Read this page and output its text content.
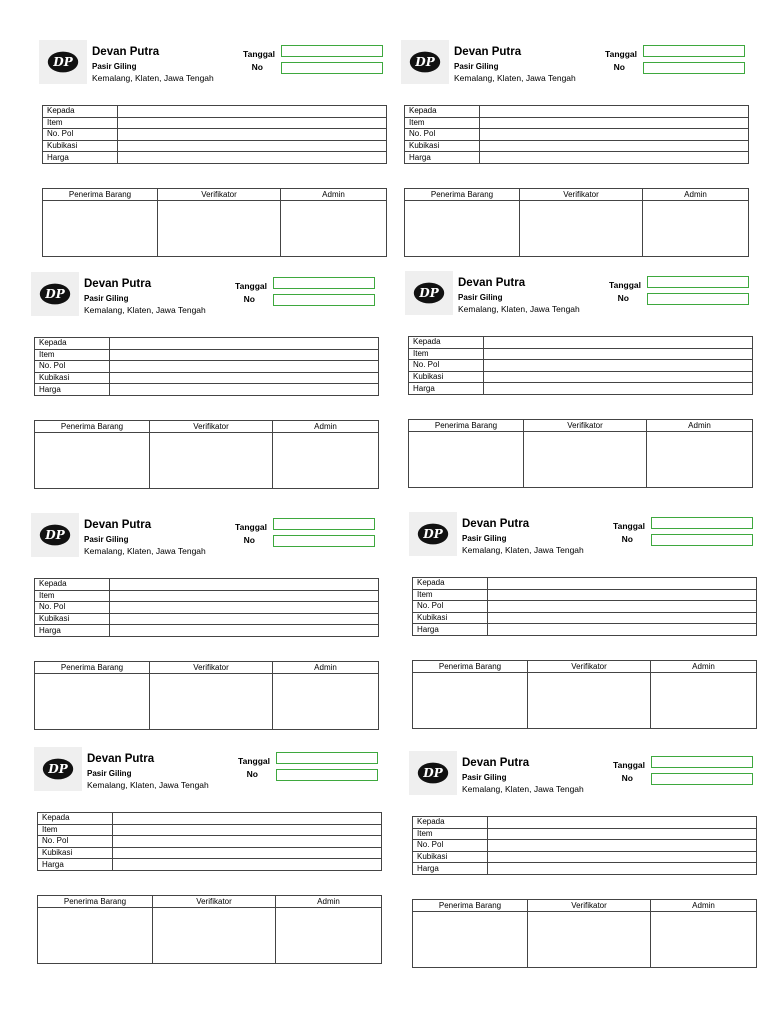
DP
Devan Putra
Pasir Giling
Kemalang, Klaten, Jawa Tengah
Tanggal
No
Kepada	
Item	
No. Pol	
Kubikasi	
Harga	
Penerima Barang	Verifikator	Admin

DP
Devan Putra
Pasir Giling
Kemalang, Klaten, Jawa Tengah
Tanggal
No
Kepada	
Item	
No. Pol	
Kubikasi	
Harga	
Penerima Barang	Verifikator	Admin

DP
Devan Putra
Pasir Giling
Kemalang, Klaten, Jawa Tengah
Tanggal
No
Kepada	
Item	
No. Pol	
Kubikasi	
Harga	
Penerima Barang	Verifikator	Admin

DP
Devan Putra
Pasir Giling
Kemalang, Klaten, Jawa Tengah
Tanggal
No
Kepada	
Item	
No. Pol	
Kubikasi	
Harga	
Penerima Barang	Verifikator	Admin

DP
Devan Putra
Pasir Giling
Kemalang, Klaten, Jawa Tengah
Tanggal
No
Kepada	
Item	
No. Pol	
Kubikasi	
Harga	
Penerima Barang	Verifikator	Admin

DP
Devan Putra
Pasir Giling
Kemalang, Klaten, Jawa Tengah
Tanggal
No
Kepada	
Item	
No. Pol	
Kubikasi	
Harga	
Penerima Barang	Verifikator	Admin

DP
Devan Putra
Pasir Giling
Kemalang, Klaten, Jawa Tengah
Tanggal
No
Kepada	
Item	
No. Pol	
Kubikasi	
Harga	
Penerima Barang	Verifikator	Admin

DP
Devan Putra
Pasir Giling
Kemalang, Klaten, Jawa Tengah
Tanggal
No
Kepada	
Item	
No. Pol	
Kubikasi	
Harga	
Penerima Barang	Verifikator	Admin
